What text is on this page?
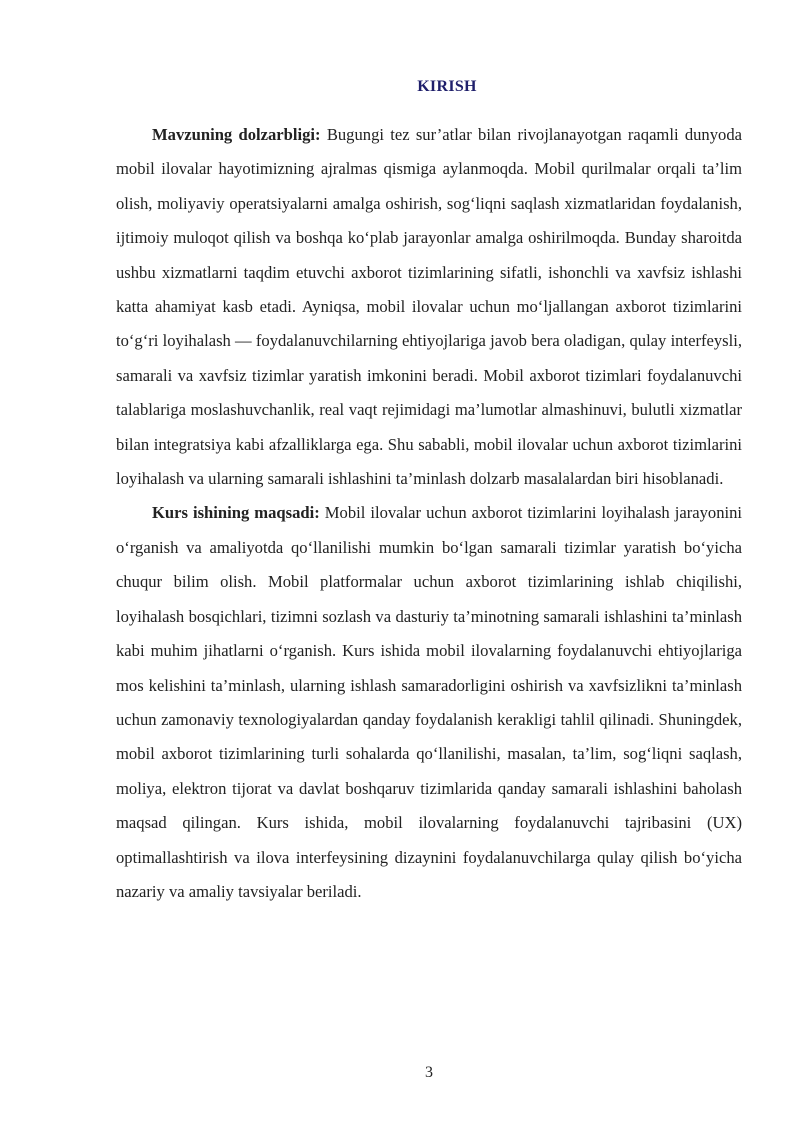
KIRISH

Mavzuning dolzarbligi: Bugungi tez sur’atlar bilan rivojlanayotgan raqamli dunyoda mobil ilovalar hayotimizning ajralmas qismiga aylanmoqda. Mobil qurilmalar orqali ta’lim olish, moliyaviy operatsiyalarni amalga oshirish, sog‘liqni saqlash xizmatlaridan foydalanish, ijtimoiy muloqot qilish va boshqa ko‘plab jarayonlar amalga oshirilmoqda. Bunday sharoitda ushbu xizmatlarni taqdim etuvchi axborot tizimlarining sifatli, ishonchli va xavfsiz ishlashi katta ahamiyat kasb etadi. Ayniqsa, mobil ilovalar uchun mo‘ljallangan axborot tizimlarini to‘g‘ri loyihalash — foydalanuvchilarning ehtiyojlariga javob bera oladigan, qulay interfeysli, samarali va xavfsiz tizimlar yaratish imkonini beradi. Mobil axborot tizimlari foydalanuvchi talablariga moslashuvchanlik, real vaqt rejimidagi ma’lumotlar almashinuvi, bulutli xizmatlar bilan integratsiya kabi afzalliklarga ega. Shu sababli, mobil ilovalar uchun axborot tizimlarini loyihalash va ularning samarali ishlashini ta’minlash dolzarb masalalardan biri hisoblanadi.

Kurs ishining maqsadi: Mobil ilovalar uchun axborot tizimlarini loyihalash jarayonini o‘rganish va amaliyotda qo‘llanilishi mumkin bo‘lgan samarali tizimlar yaratish bo‘yicha chuqur bilim olish. Mobil platformalar uchun axborot tizimlarining ishlab chiqilishi, loyihalash bosqichlari, tizimni sozlash va dasturiy ta’minotning samarali ishlashini ta’minlash kabi muhim jihatlarni o‘rganish. Kurs ishida mobil ilovalarning foydalanuvchi ehtiyojlariga mos kelishini ta’minlash, ularning ishlash samaradorligini oshirish va xavfsizlikni ta’minlash uchun zamonaviy texnologiyalardan qanday foydalanish kerakligi tahlil qilinadi. Shuningdek, mobil axborot tizimlarining turli sohalarda qo‘llanilishi, masalan, ta’lim, sog‘liqni saqlash, moliya, elektron tijorat va davlat boshqaruv tizimlarida qanday samarali ishlashini baholash maqsad qilingan. Kurs ishida, mobil ilovalarning foydalanuvchi tajribasini (UX) optimallashtirish va ilova interfeysining dizaynini foydalanuvchilarga qulay qilish bo‘yicha nazariy va amaliy tavsiyalar beriladi.

3
